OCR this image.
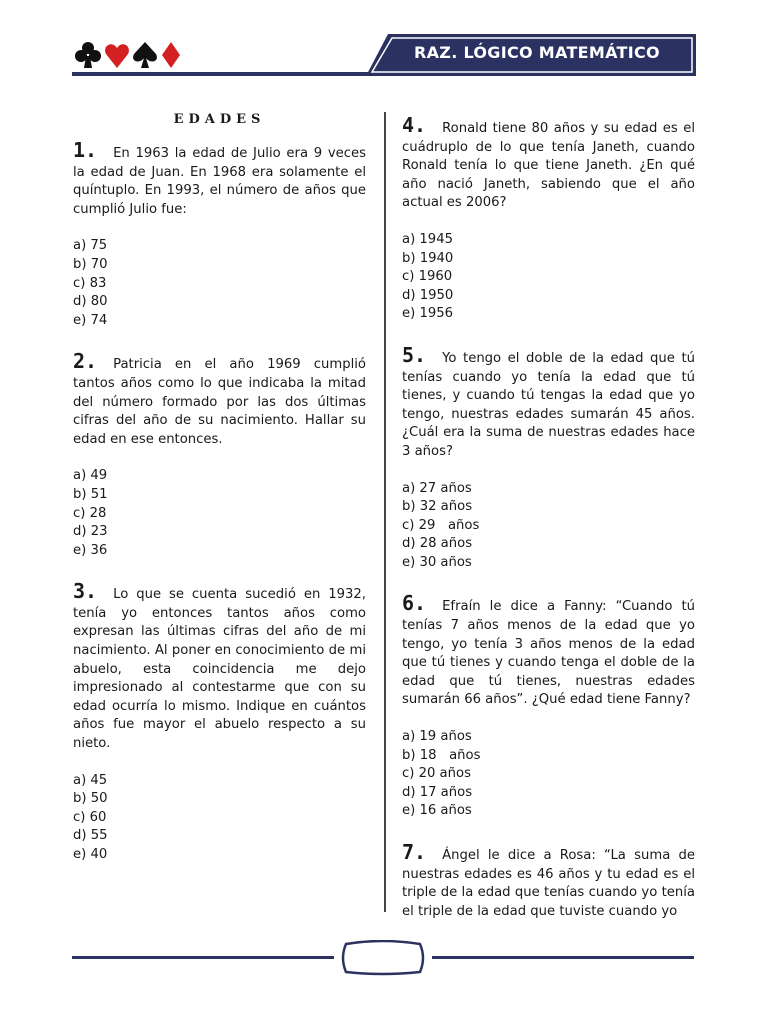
RAZ. LÓGICO MATEMÁTICO
EDADES

1. En 1963 la edad de Julio era 9 veces la edad de Juan. En 1968 era solamente el quíntuplo. En 1993, el número de años que cumplió Julio fue:

a) 75
b) 70
c) 83
d) 80
e) 74

2. Patricia en el año 1969 cumplió tantos años como lo que indicaba la mitad del número formado por las dos últimas cifras del año de su nacimiento. Hallar su edad en ese entonces.

a) 49
b) 51
c) 28
d) 23
e) 36

3. Lo que se cuenta sucedió en 1932, tenía yo entonces tantos años como expresan las últimas cifras del año de mi nacimiento. Al poner en conocimiento de mi abuelo, esta coincidencia me dejo impresionado al contestarme que con su edad ocurría lo mismo. Indique en cuántos años fue mayor el abuelo respecto a su nieto.

a) 45
b) 50
c) 60
d) 55
e) 40

4. Ronald tiene 80 años y su edad es el cuádruplo de lo que tenía Janeth, cuando Ronald tenía lo que tiene Janeth. ¿En qué año nació Janeth, sabiendo que el año actual es 2006?

a) 1945
b) 1940
c) 1960
d) 1950
e) 1956

5. Yo tengo el doble de la edad que tú tenías cuando yo tenía la edad que tú tienes, y cuando tú tengas la edad que yo tengo, nuestras edades sumarán 45 años. ¿Cuál era la suma de nuestras edades hace 3 años?

a) 27 años
b) 32 años
c) 29   años
d) 28 años
e) 30 años

6. Efraín le dice a Fanny: “Cuando tú tenías 7 años menos de la edad que yo tengo, yo tenía 3 años menos de la edad que tú tienes y cuando tenga el doble de la edad que tú tienes, nuestras edades sumarán 66 años”. ¿Qué edad tiene Fanny?

a) 19 años
b) 18   años
c) 20 años
d) 17 años
e) 16 años

7. Ángel le dice a Rosa: “La suma de nuestras edades es 46 años y tu edad es el triple de la edad que tenías cuando yo tenía el triple de la edad que tuviste cuando yo
